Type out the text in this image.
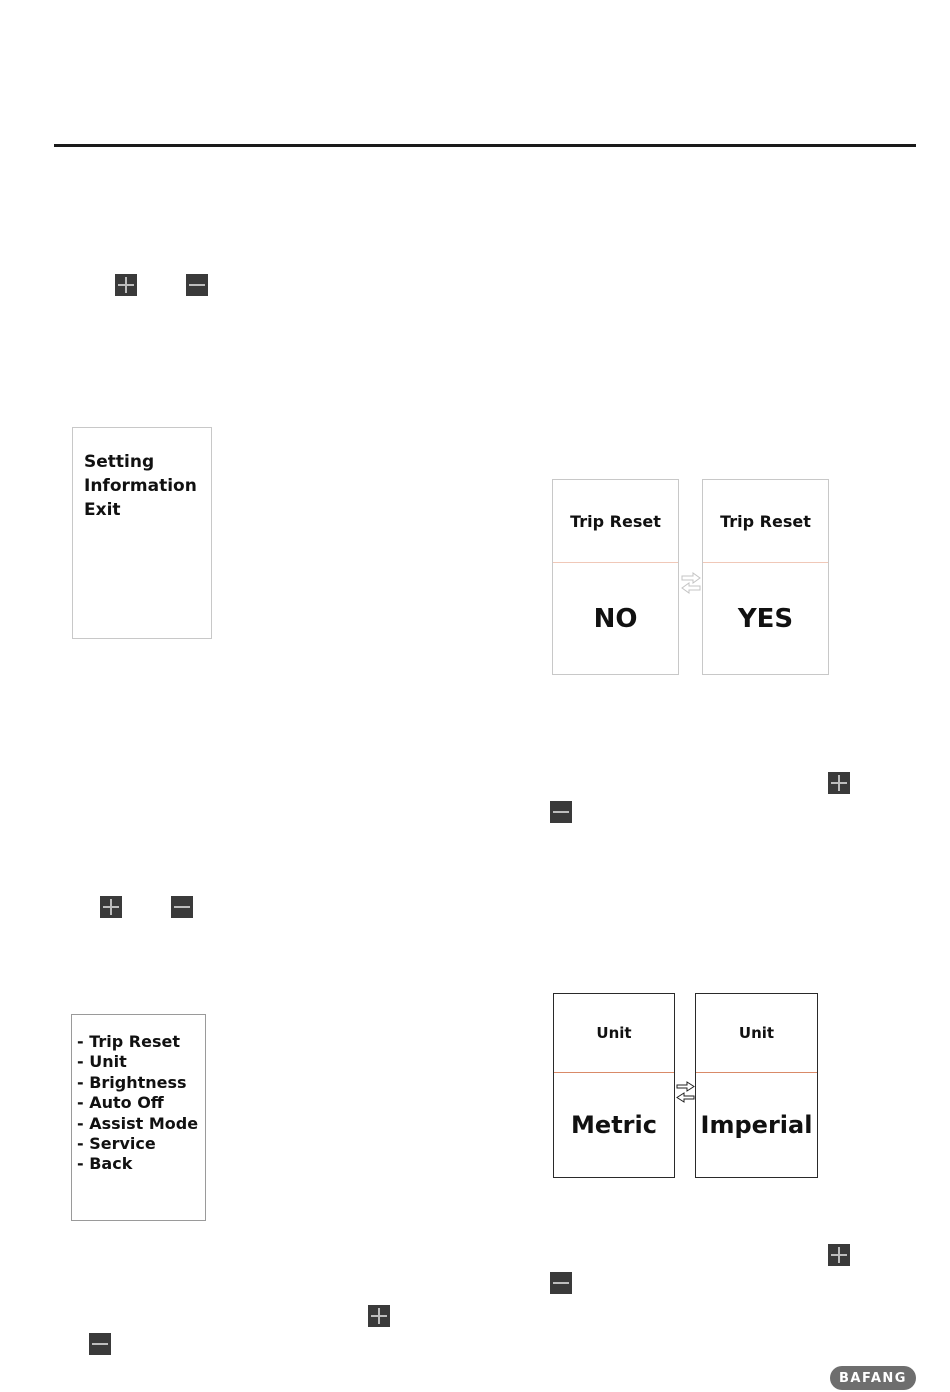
Setting
Information
Exit
Trip Reset
NO
Trip Reset
YES
- Trip Reset
- Unit
- Brightness
- Auto Off
- Assist Mode
- Service
- Back
Unit
Metric
Unit
Imperial
BAFANG
